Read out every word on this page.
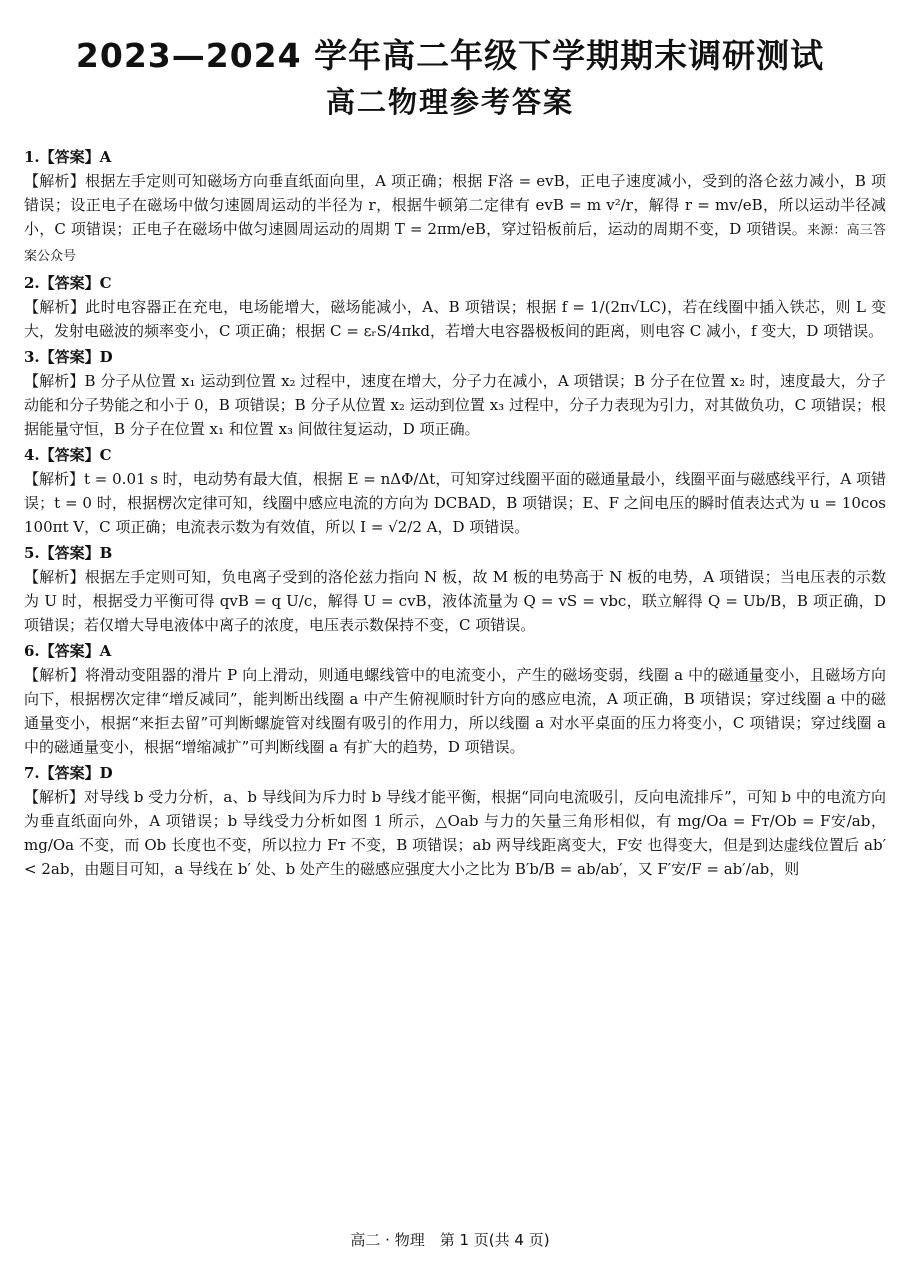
2023—2024 学年高二年级下学期期末调研测试
高二物理参考答案
1.【答案】A
【解析】根据左手定则可知磁场方向垂直纸面向里，A 项正确；根据 F洛 = evB，正电子速度减小，受到的洛仑兹力减小，B 项错误；设正电子在磁场中做匀速圆周运动的半径为 r，根据牛顿第二定律有 evB = m v²/r，解得 r = mv/eB，所以运动半径减小，C 项错误；正电子在磁场中做匀速圆周运动的周期 T = 2πm/eB，穿过铅板前后，运动的周期不变，D 项错误。来源：高三答案公众号
2.【答案】C
【解析】此时电容器正在充电，电场能增大，磁场能减小，A、B 项错误；根据 f = 1/(2π√LC)，若在线圈中插入铁芯，则 L 变大，发射电磁波的频率变小，C 项正确；根据 C = εᵣS/4πkd，若增大电容器极板间的距离，则电容 C 减小，f 变大，D 项错误。
3.【答案】D
【解析】B 分子从位置 x₁ 运动到位置 x₂ 过程中，速度在增大，分子力在减小，A 项错误；B 分子在位置 x₂ 时，速度最大，分子动能和分子势能之和小于 0，B 项错误；B 分子从位置 x₂ 运动到位置 x₃ 过程中，分子力表现为引力，对其做负功，C 项错误；根据能量守恒，B 分子在位置 x₁ 和位置 x₃ 间做往复运动，D 项正确。
4.【答案】C
【解析】t = 0.01 s 时，电动势有最大值，根据 E = nΔΦ/Δt，可知穿过线圈平面的磁通量最小，线圈平面与磁感线平行，A 项错误；t = 0 时，根据楞次定律可知，线圈中感应电流的方向为 DCBAD，B 项错误；E、F 之间电压的瞬时值表达式为 u = 10cos 100πt V，C 项正确；电流表示数为有效值，所以 I = √2/2 A，D 项错误。
5.【答案】B
【解析】根据左手定则可知，负电离子受到的洛伦兹力指向 N 板，故 M 板的电势高于 N 板的电势，A 项错误；当电压表的示数为 U 时，根据受力平衡可得 qvB = q U/c，解得 U = cvB，液体流量为 Q = vS = vbc，联立解得 Q = Ub/B，B 项正确，D 项错误；若仅增大导电液体中离子的浓度，电压表示数保持不变，C 项错误。
6.【答案】A
【解析】将滑动变阻器的滑片 P 向上滑动，则通电螺线管中的电流变小，产生的磁场变弱，线圈 a 中的磁通量变小，且磁场方向向下，根据楞次定律“增反减同”，能判断出线圈 a 中产生俯视顺时针方向的感应电流，A 项正确，B 项错误；穿过线圈 a 中的磁通量变小，根据“来拒去留”可判断螺旋管对线圈有吸引的作用力，所以线圈 a 对水平桌面的压力将变小，C 项错误；穿过线圈 a 中的磁通量变小，根据“增缩减扩”可判断线圈 a 有扩大的趋势，D 项错误。
7.【答案】D
【解析】对导线 b 受力分析，a、b 导线间为斥力时 b 导线才能平衡，根据“同向电流吸引，反向电流排斥”，可知 b 中的电流方向为垂直纸面向外，A 项错误；b 导线受力分析如图 1 所示，△Oab 与力的矢量三角形相似，有 mg/Oa = Fᴛ/Ob = F安/ab，mg/Oa 不变，而 Ob 长度也不变，所以拉力 Fᴛ 不变，B 项错误；ab 两导线距离变大，F安 也得变大，但是到达虚线位置后 ab′ < 2ab，由题目可知，a 导线在 b′ 处、b 处产生的磁感应强度大小之比为 B′b/B = ab/ab′，又 F′安/F = ab′/ab，则
高二 · 物理　第 1 页(共 4 页)
